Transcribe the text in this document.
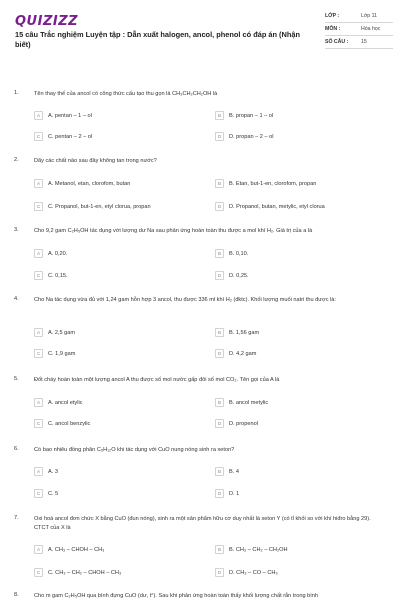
QUIZIZZ
15 câu Trắc nghiệm Luyện tập : Dẫn xuất halogen, ancol, phenol có đáp án (Nhận biết)
LỚP :	Lớp 11
MÔN :	Hóa học
SỐ CÂU :	15
1.	Tên thay thế của ancol có công thức cấu tạo thu gọn là CH₃CH₂CH₂OH là
A	A. pentan – 1 – ol	B	B. propan – 1 – ol
C	C. pentan – 2 – ol	D	D. propan – 2 – ol
2.	Dãy các chất nào sau đây không tan trong nước?
A	A. Metanol, etan, clorofom, butan	B	B. Etan, but-1-en, clorofom, propan
C	C. Propanol, but-1-en, etyl clorua, propan	D	D. Propanol, butan, metylic, etyl clorua
3.	Cho 9,2 gam C₂H₅OH tác dụng với lượng dư Na sau phản ứng hoàn toàn thu được a mol khí H₂. Giá trị của a là
A	A. 0,20.	B	B. 0,10.
C	C. 0,15.	D	D. 0,25.
4.	Cho Na tác dụng vừa đủ với 1,24 gam hỗn hợp 3 ancol, thu được 336 ml khí H₂ (đktc). Khối lượng muối natri thu được là:
A	A. 2,5 gam	B	B. 1,56 gam
C	C. 1,9 gam	D	D. 4,2 gam
5.	Đốt cháy hoàn toàn một lượng ancol A thu được số mol nước gấp đôi số mol CO₂. Tên gọi của A là
A	A. ancol etylic	B	B. ancol metylic
C	C. ancol benzylic	D	D. propenol
6.	Có bao nhiêu đồng phân C₅H₁₂O khi tác dụng với CuO nung nóng sinh ra xeton?
A	A. 3	B	B. 4
C	C. 5	D	D. 1
7.	Oxi hoá ancol đơn chức X bằng CuO (đun nóng), sinh ra một sản phẩm hữu cơ duy nhất là xeton Y (có tỉ khối so với khí hiđro bằng 29). CTCT của X là
A	A. CH₃ – CHOH – CH₃	B	B. CH₃ – CH₂ – CH₂OH
C	C. CH₃ – CH₂ – CHOH – CH₃	D	D. CH₃ – CO – CH₃
8.	Cho m gam C₂H₅OH qua bình đựng CuO (dư, t°). Sau khi phản ứng hoàn toàn thấy khối lượng chất rắn trong bình
